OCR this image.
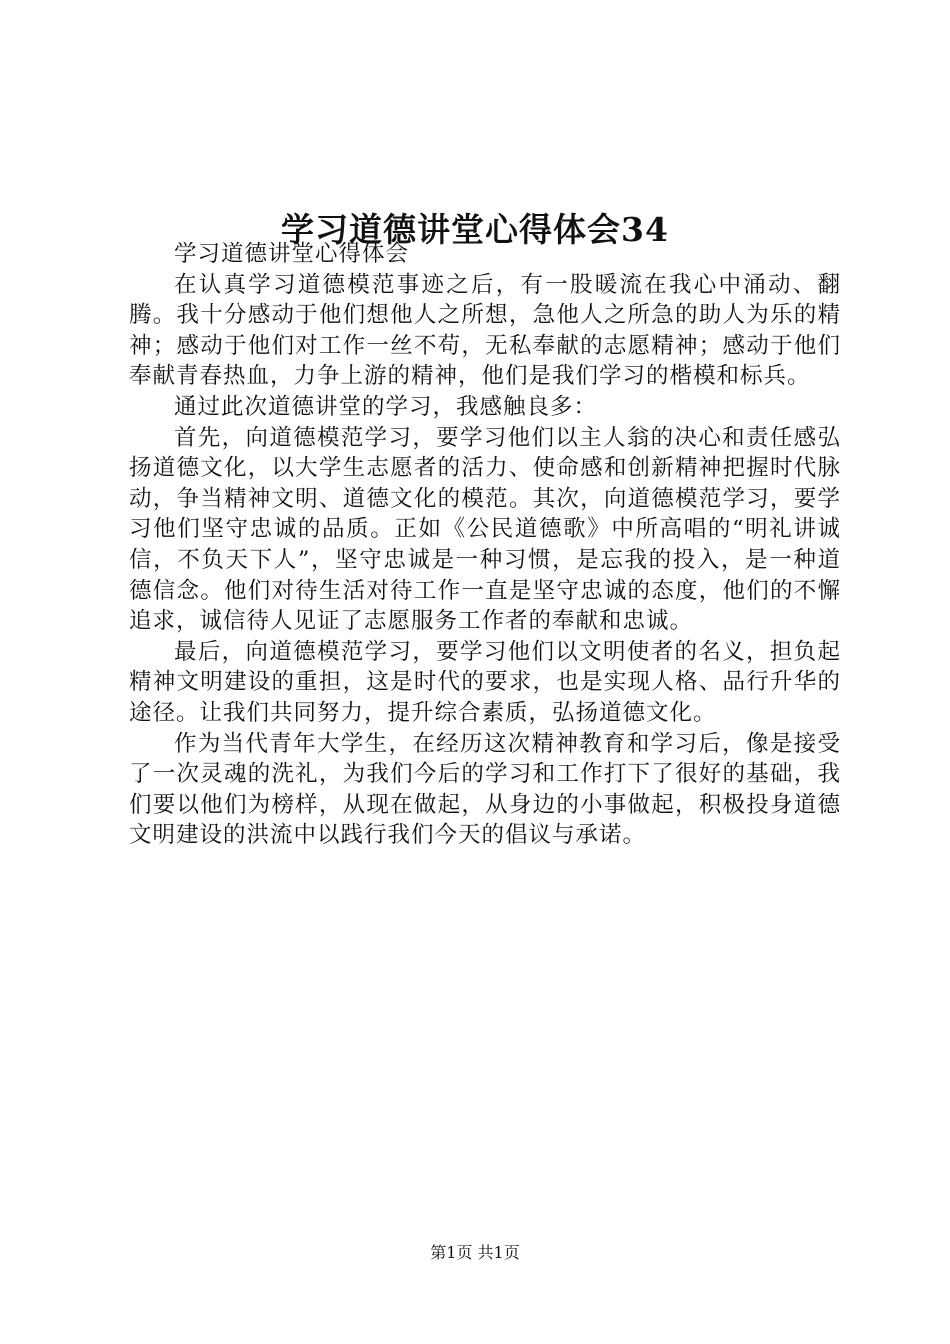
学习道德讲堂心得体会34

学习道德讲堂心得体会

在认真学习道德模范事迹之后，有一股暖流在我心中涌动、翻腾。我十分感动于他们想他人之所想，急他人之所急的助人为乐的精神；感动于他们对工作一丝不苟，无私奉献的志愿精神；感动于他们奉献青春热血，力争上游的精神，他们是我们学习的楷模和标兵。

通过此次道德讲堂的学习，我感触良多：

首先，向道德模范学习，要学习他们以主人翁的决心和责任感弘扬道德文化，以大学生志愿者的活力、使命感和创新精神把握时代脉动，争当精神文明、道德文化的模范。其次，向道德模范学习，要学习他们坚守忠诚的品质。正如《公民道德歌》中所高唱的“明礼讲诚信，不负天下人”，坚守忠诚是一种习惯，是忘我的投入，是一种道德信念。他们对待生活对待工作一直是坚守忠诚的态度，他们的不懈追求，诚信待人见证了志愿服务工作者的奉献和忠诚。

最后，向道德模范学习，要学习他们以文明使者的名义，担负起精神文明建设的重担，这是时代的要求，也是实现人格、品行升华的途径。让我们共同努力，提升综合素质，弘扬道德文化。

作为当代青年大学生，在经历这次精神教育和学习后，像是接受了一次灵魂的洗礼，为我们今后的学习和工作打下了很好的基础，我们要以他们为榜样，从现在做起，从身边的小事做起，积极投身道德文明建设的洪流中以践行我们今天的倡议与承诺。

第1页 共1页
